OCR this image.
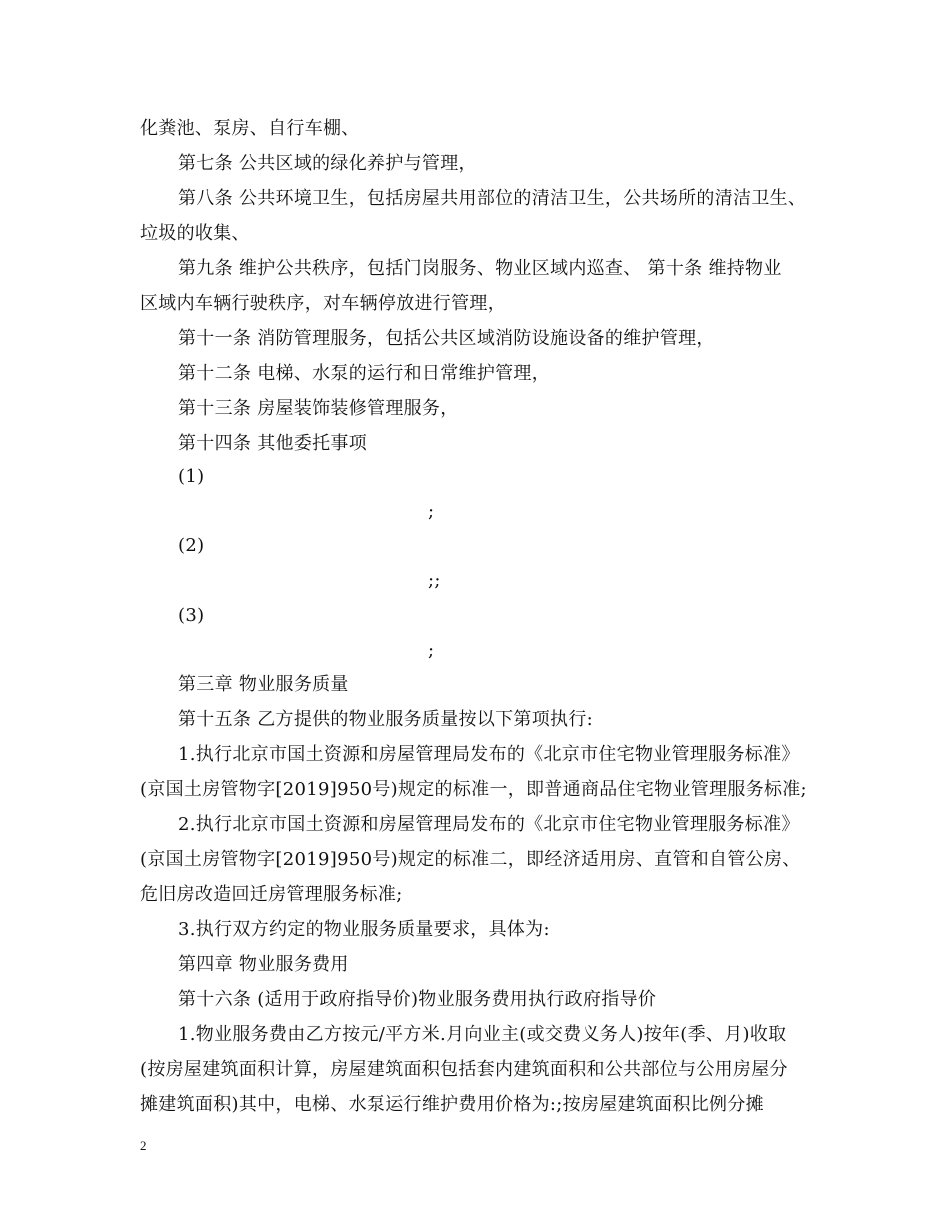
化粪池、泵房、自行车棚、
第七条 公共区域的绿化养护与管理，
第八条 公共环境卫生，包括房屋共用部位的清洁卫生，公共场所的清洁卫生、
垃圾的收集、
第九条 维护公共秩序，包括门岗服务、物业区域内巡查、 第十条 维持物业
区域内车辆行驶秩序，对车辆停放进行管理，
第十一条 消防管理服务，包括公共区域消防设施设备的维护管理，
第十二条 电梯、水泵的运行和日常维护管理，
第十三条 房屋装饰装修管理服务，
第十四条 其他委托事项
(1)
;
(2)
;;
(3)
;
第三章 物业服务质量
第十五条 乙方提供的物业服务质量按以下第项执行:
1.执行北京市国土资源和房屋管理局发布的《北京市住宅物业管理服务标准》
(京国土房管物字[2019]950号)规定的标准一，即普通商品住宅物业管理服务标准;
2.执行北京市国土资源和房屋管理局发布的《北京市住宅物业管理服务标准》
(京国土房管物字[2019]950号)规定的标准二，即经济适用房、直管和自管公房、
危旧房改造回迁房管理服务标准;
3.执行双方约定的物业服务质量要求，具体为:
第四章 物业服务费用
第十六条 (适用于政府指导价)物业服务费用执行政府指导价
1.物业服务费由乙方按元/平方米.月向业主(或交费义务人)按年(季、月)收取
(按房屋建筑面积计算，房屋建筑面积包括套内建筑面积和公共部位与公用房屋分
摊建筑面积)其中，电梯、水泵运行维护费用价格为:;按房屋建筑面积比例分摊
2
